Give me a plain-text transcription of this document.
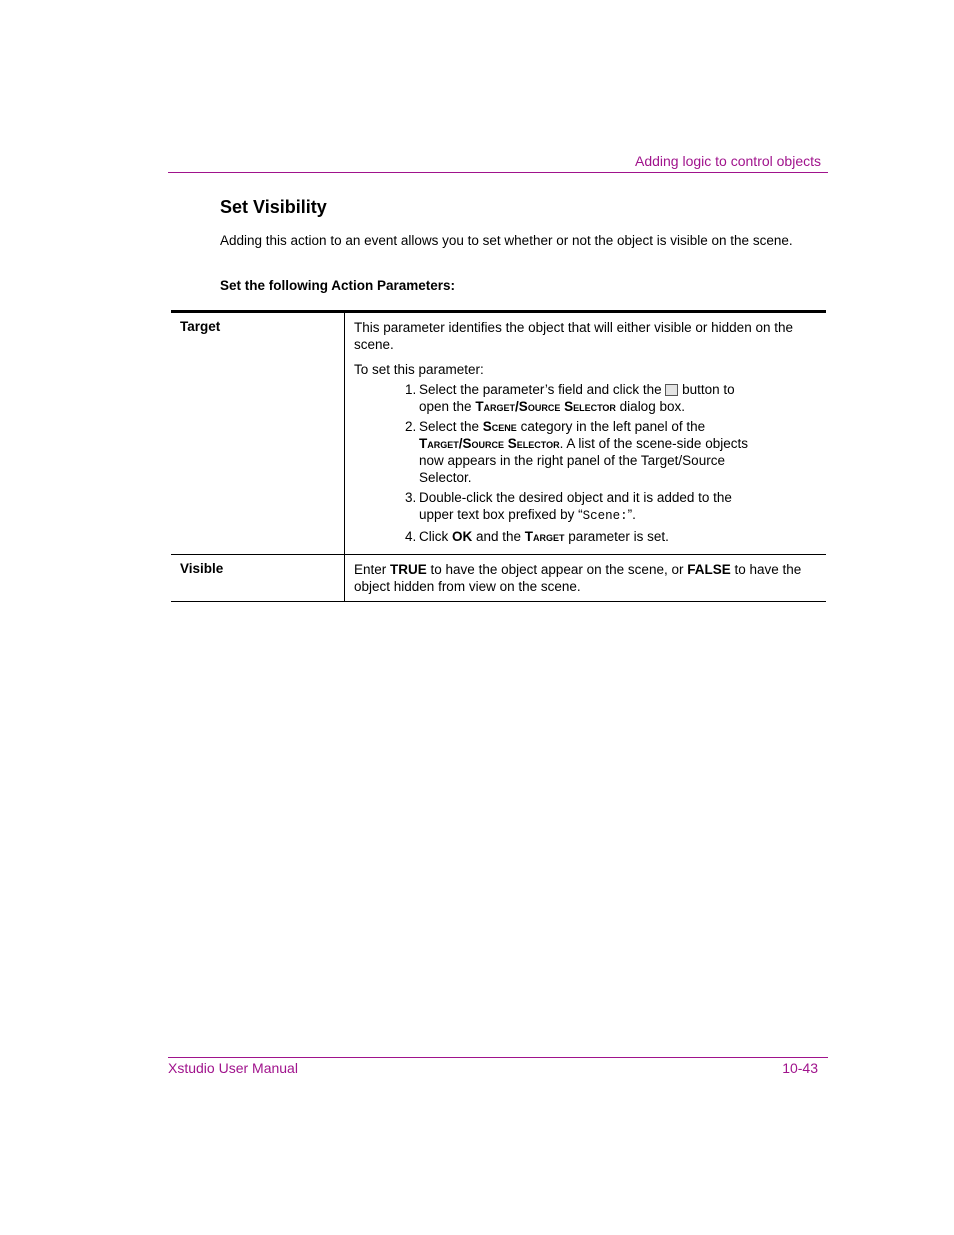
Adding logic to control objects
Set Visibility

Adding this action to an event allows you to set whether or not the object is visible on the scene.

Set the following Action Parameters:

Target	This parameter identifies the object that will either visible or hidden on the scene.

To set this parameter:

1. Select the parameter’s field and click the  button to open the Target/Source Selector dialog box.
2. Select the Scene category in the left panel of the Target/Source Selector. A list of the scene-side objects now appears in the right panel of the Target/Source Selector.
3. Double-click the desired object and it is added to the upper text box prefixed by “Scene:”.
4. Click OK and the Target parameter is set.
Visible	Enter TRUE to have the object appear on the scene, or FALSE to have the object hidden from view on the scene.

Xstudio User Manual	10-43
